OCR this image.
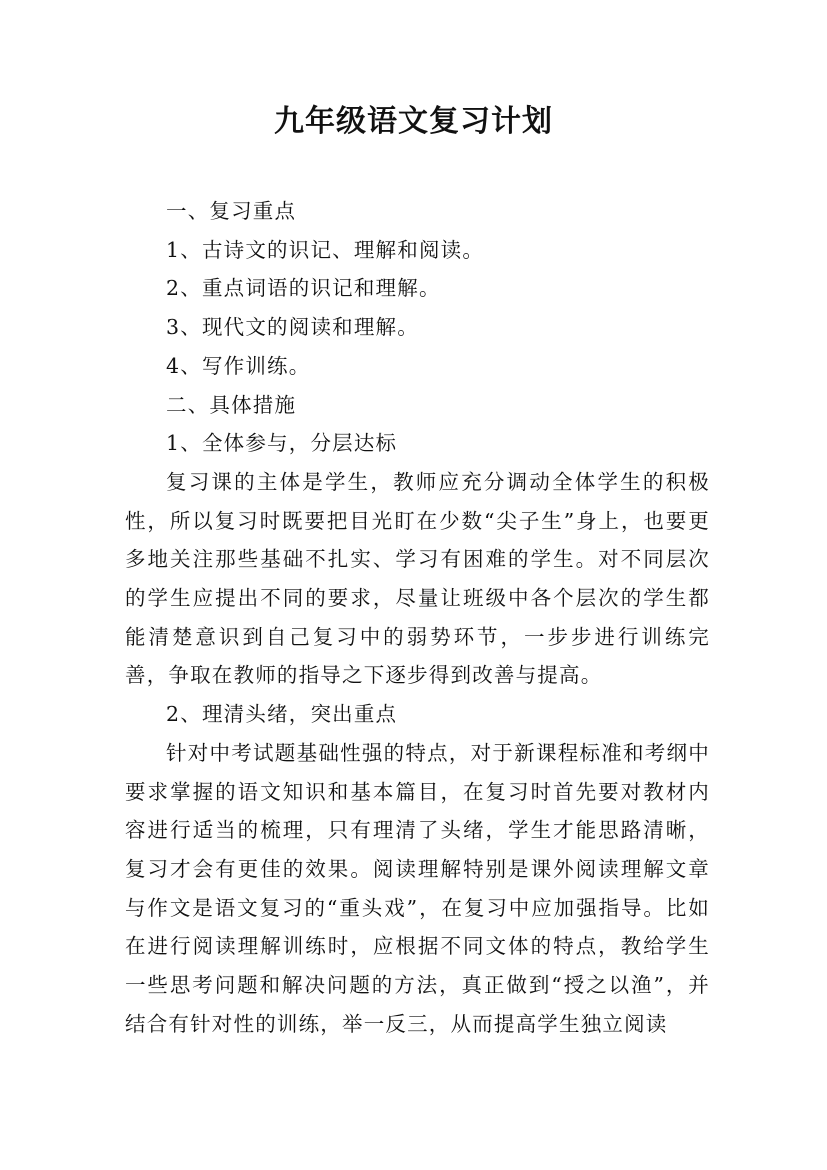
九年级语文复习计划

一、复习重点

1、古诗文的识记、理解和阅读。

2、重点词语的识记和理解。

3、现代文的阅读和理解。

4、写作训练。

二、具体措施

1、全体参与，分层达标

复习课的主体是学生，教师应充分调动全体学生的积极性，所以复习时既要把目光盯在少数“尖子生”身上，也要更多地关注那些基础不扎实、学习有困难的学生。对不同层次的学生应提出不同的要求，尽量让班级中各个层次的学生都能清楚意识到自己复习中的弱势环节，一步步进行训练完善，争取在教师的指导之下逐步得到改善与提高。

2、理清头绪，突出重点

针对中考试题基础性强的特点，对于新课程标准和考纲中要求掌握的语文知识和基本篇目，在复习时首先要对教材内容进行适当的梳理，只有理清了头绪，学生才能思路清晰，复习才会有更佳的效果。阅读理解特别是课外阅读理解文章与作文是语文复习的“重头戏”，在复习中应加强指导。比如在进行阅读理解训练时，应根据不同文体的特点，教给学生一些思考问题和解决问题的方法，真正做到“授之以渔”，并结合有针对性的训练，举一反三，从而提高学生独立阅读
